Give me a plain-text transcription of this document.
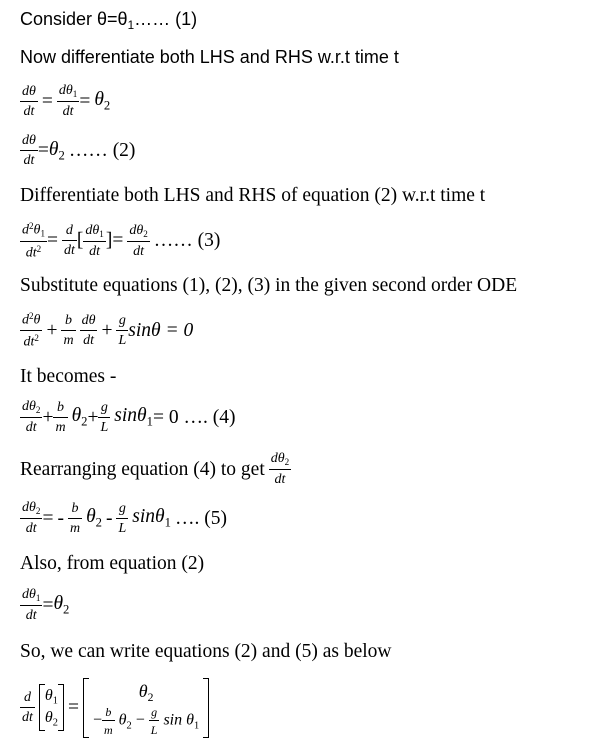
Consider $\theta=\theta_1\dots\dots$ (1)
Now differentiate both LHS and RHS w.r.t time t
$\frac{d\theta}{dt} = \frac{d\theta_1}{dt} = \theta_2$
$\frac{d\theta}{dt} =\theta_2$ …… (2)
Differentiate both LHS and RHS of equation (2) w.r.t time t
$\frac{d^2\theta_1}{dt^2} = \frac{d}{dt}$ [ $\frac{d\theta_1}{dt}$ ]= $\frac{d\theta_2}{dt}$ …… (3)
Substitute equations (1), (2), (3) in the given second order ODE
$\frac{d^2\theta}{dt^2} + \frac{b}{m}$
$\frac{d\theta}{dt} + \frac{g}{L}$ sinθ = 0
It becomes -
$\frac{d\theta_2}{dt} + \frac{b}{m} \theta_2+ \frac{g}{L} \sin\theta_1= 0$ …. (4)
Rearranging equation (4) to get $\frac{d\theta_2}{dt}$
$\frac{d\theta_2}{dt}$ = - $\frac{b}{m} \theta_2 - \frac{g}{L} \sin\theta_1$ …. (5)
Also, from equation (2)
$\frac{d\theta_1}{dt} =\theta_2$
So, we can write equations (2) and (5) as below
$\frac{d}{dt}$
$\theta_1$
$\theta_2$
=
$\theta_2$
− $\frac{b}{m} \theta_2 - \frac{g}{L}$ $\sin \theta_1$
